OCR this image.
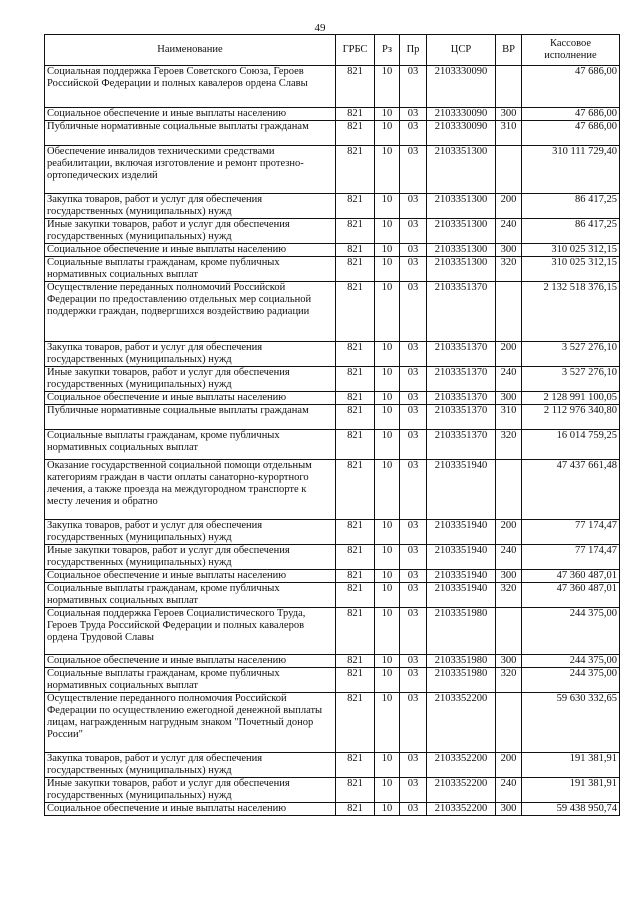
49
Наименование	ГРБС	Рз	Пр	ЦСР	ВР	Кассовое исполнение
Социальная поддержка Героев Советского Союза, Героев Российской Федерации и полных кавалеров ордена Славы	821	10	03	2103330090		47 686,00
Социальное обеспечение и иные выплаты населению	821	10	03	2103330090	300	47 686,00
Публичные нормативные социальные выплаты гражданам	821	10	03	2103330090	310	47 686,00
Обеспечение инвалидов техническими средствами реабилитации, включая изготовление и ремонт протезно-ортопедических изделий	821	10	03	2103351300		310 111 729,40
Закупка товаров, работ и услуг для обеспечения государственных (муниципальных) нужд	821	10	03	2103351300	200	86 417,25
Иные закупки товаров, работ и услуг для обеспечения государственных (муниципальных) нужд	821	10	03	2103351300	240	86 417,25
Социальное обеспечение и иные выплаты населению	821	10	03	2103351300	300	310 025 312,15
Социальные выплаты гражданам, кроме публичных нормативных социальных выплат	821	10	03	2103351300	320	310 025 312,15
Осуществление переданных полномочий Российской Федерации по предоставлению отдельных мер социальной поддержки граждан, подвергшихся воздействию радиации	821	10	03	2103351370		2 132 518 376,15
Закупка товаров, работ и услуг для обеспечения государственных (муниципальных) нужд	821	10	03	2103351370	200	3 527 276,10
Иные закупки товаров, работ и услуг для обеспечения государственных (муниципальных) нужд	821	10	03	2103351370	240	3 527 276,10
Социальное обеспечение и иные выплаты населению	821	10	03	2103351370	300	2 128 991 100,05
Публичные нормативные социальные выплаты гражданам	821	10	03	2103351370	310	2 112 976 340,80
Социальные выплаты гражданам, кроме публичных нормативных социальных выплат	821	10	03	2103351370	320	16 014 759,25
Оказание государственной социальной помощи отдельным категориям граждан в части оплаты санаторно-курортного лечения, а также проезда на междугородном транспорте к месту лечения и обратно	821	10	03	2103351940		47 437 661,48
Закупка товаров, работ и услуг для обеспечения государственных (муниципальных) нужд	821	10	03	2103351940	200	77 174,47
Иные закупки товаров, работ и услуг для обеспечения государственных (муниципальных) нужд	821	10	03	2103351940	240	77 174,47
Социальное обеспечение и иные выплаты населению	821	10	03	2103351940	300	47 360 487,01
Социальные выплаты гражданам, кроме публичных нормативных социальных выплат	821	10	03	2103351940	320	47 360 487,01
Социальная поддержка Героев Социалистического Труда, Героев Труда Российской Федерации и полных кавалеров ордена Трудовой Славы	821	10	03	2103351980		244 375,00
Социальное обеспечение и иные выплаты населению	821	10	03	2103351980	300	244 375,00
Социальные выплаты гражданам, кроме публичных нормативных социальных выплат	821	10	03	2103351980	320	244 375,00
Осуществление переданного полномочия Российской Федерации по осуществлению ежегодной денежной выплаты лицам, награжденным нагрудным знаком "Почетный донор России"	821	10	03	2103352200		59 630 332,65
Закупка товаров, работ и услуг для обеспечения государственных (муниципальных) нужд	821	10	03	2103352200	200	191 381,91
Иные закупки товаров, работ и услуг для обеспечения государственных (муниципальных) нужд	821	10	03	2103352200	240	191 381,91
Социальное обеспечение и иные выплаты населению	821	10	03	2103352200	300	59 438 950,74
